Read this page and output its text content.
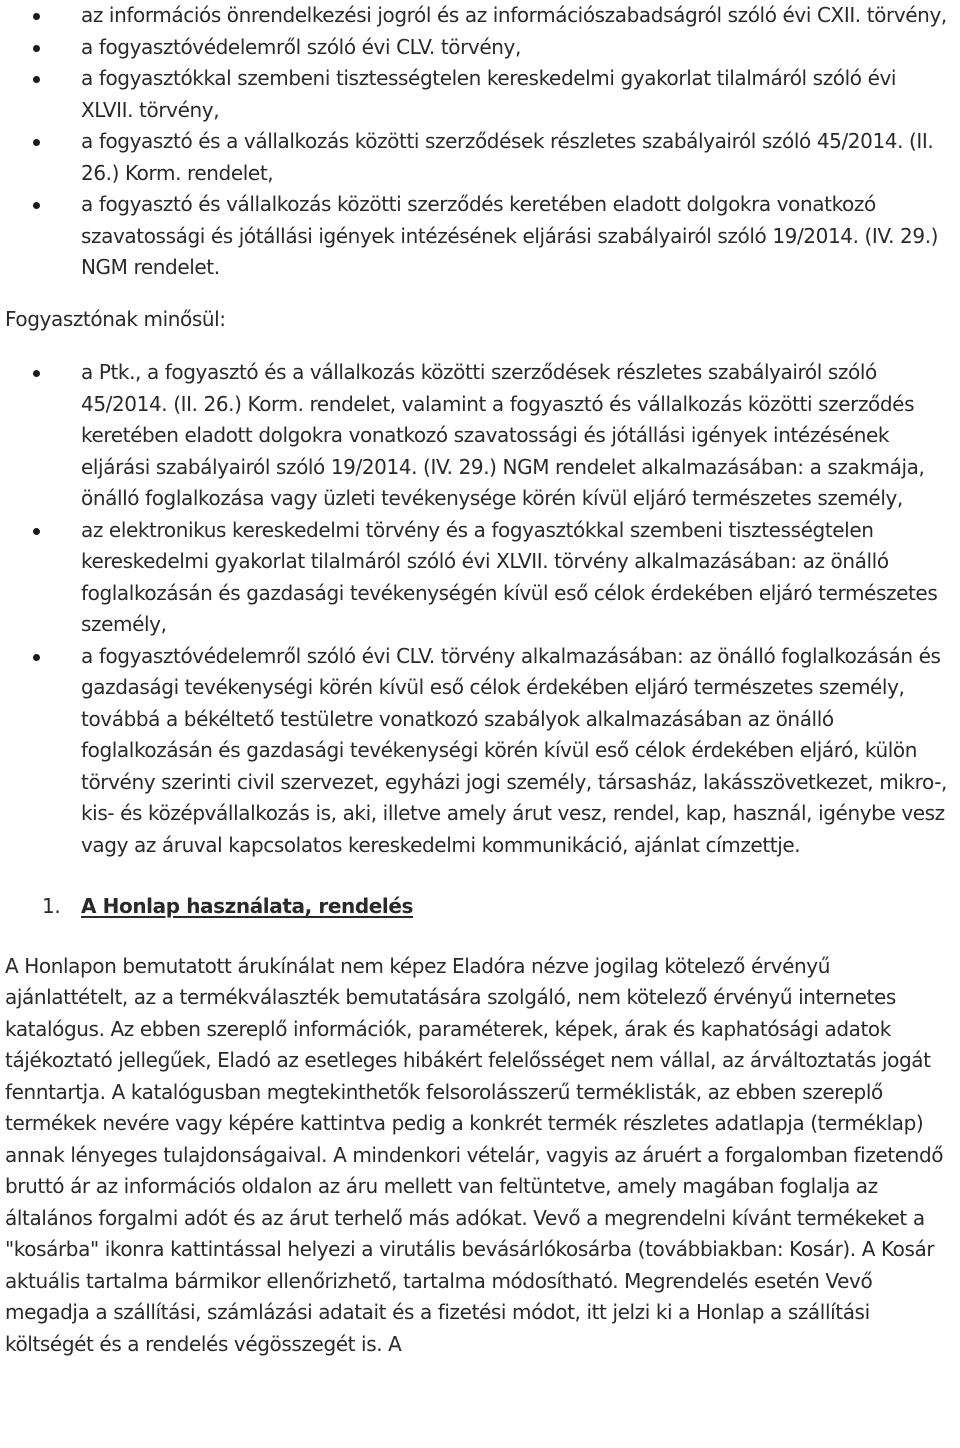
az információs önrendelkezési jogról és az információszabadságról szóló évi CXII. törvény,
a fogyasztóvédelemről szóló évi CLV. törvény,
a fogyasztókkal szembeni tisztességtelen kereskedelmi gyakorlat tilalmáról szóló évi XLVII. törvény,
a fogyasztó és a vállalkozás közötti szerződések részletes szabályairól szóló 45/2014. (II. 26.) Korm. rendelet,
a fogyasztó és vállalkozás közötti szerződés keretében eladott dolgokra vonatkozó szavatossági és jótállási igények intézésének eljárási szabályairól szóló 19/2014. (IV. 29.) NGM rendelet.
Fogyasztónak minősül:
a Ptk., a fogyasztó és a vállalkozás közötti szerződések részletes szabályairól szóló 45/2014. (II. 26.) Korm. rendelet, valamint a fogyasztó és vállalkozás közötti szerződés keretében eladott dolgokra vonatkozó szavatossági és jótállási igények intézésének eljárási szabályairól szóló 19/2014. (IV. 29.) NGM rendelet alkalmazásában: a szakmája, önálló foglalkozása vagy üzleti tevékenysége körén kívül eljáró természetes személy,
az elektronikus kereskedelmi törvény és a fogyasztókkal szembeni tisztességtelen kereskedelmi gyakorlat tilalmáról szóló évi XLVII. törvény alkalmazásában: az önálló foglalkozásán és gazdasági tevékenységén kívül eső célok érdekében eljáró természetes személy,
a fogyasztóvédelemről szóló évi CLV. törvény alkalmazásában: az önálló foglalkozásán és gazdasági tevékenységi körén kívül eső célok érdekében eljáró természetes személy, továbbá a békéltető testületre vonatkozó szabályok alkalmazásában az önálló foglalkozásán és gazdasági tevékenységi körén kívül eső célok érdekében eljáró, külön törvény szerinti civil szervezet, egyházi jogi személy, társasház, lakásszövetkezet, mikro-, kis- és középvállalkozás is, aki, illetve amely árut vesz, rendel, kap, használ, igénybe vesz vagy az áruval kapcsolatos kereskedelmi kommunikáció, ajánlat címzettje.
1. A Honlap használata, rendelés

A Honlapon bemutatott árukínálat nem képez Eladóra nézve jogilag kötelező érvényű ajánlattételt, az a termékválaszték bemutatására szolgáló, nem kötelező érvényű internetes katalógus. Az ebben szereplő információk, paraméterek, képek, árak és kaphatósági adatok tájékoztató jellegűek, Eladó az esetleges hibákért felelősséget nem vállal, az árváltoztatás jogát fenntartja. A katalógusban megtekinthetők felsorolásszerű terméklisták, az ebben szereplő termékek nevére vagy képére kattintva pedig a konkrét termék részletes adatlapja (terméklap) annak lényeges tulajdonságaival. A mindenkori vételár, vagyis az áruért a forgalomban fizetendő bruttó ár az információs oldalon az áru mellett van feltüntetve, amely magában foglalja az általános forgalmi adót és az árut terhelő más adókat. Vevő a megrendelni kívánt termékeket a "kosárba" ikonra kattintással helyezi a virutális bevásárlókosárba (továbbiakban: Kosár). A Kosár aktuális tartalma bármikor ellenőrizhető, tartalma módosítható. Megrendelés esetén Vevő megadja a szállítási, számlázási adatait és a fizetési módot, itt jelzi ki a Honlap a szállítási költségét és a rendelés végösszegét is. A
